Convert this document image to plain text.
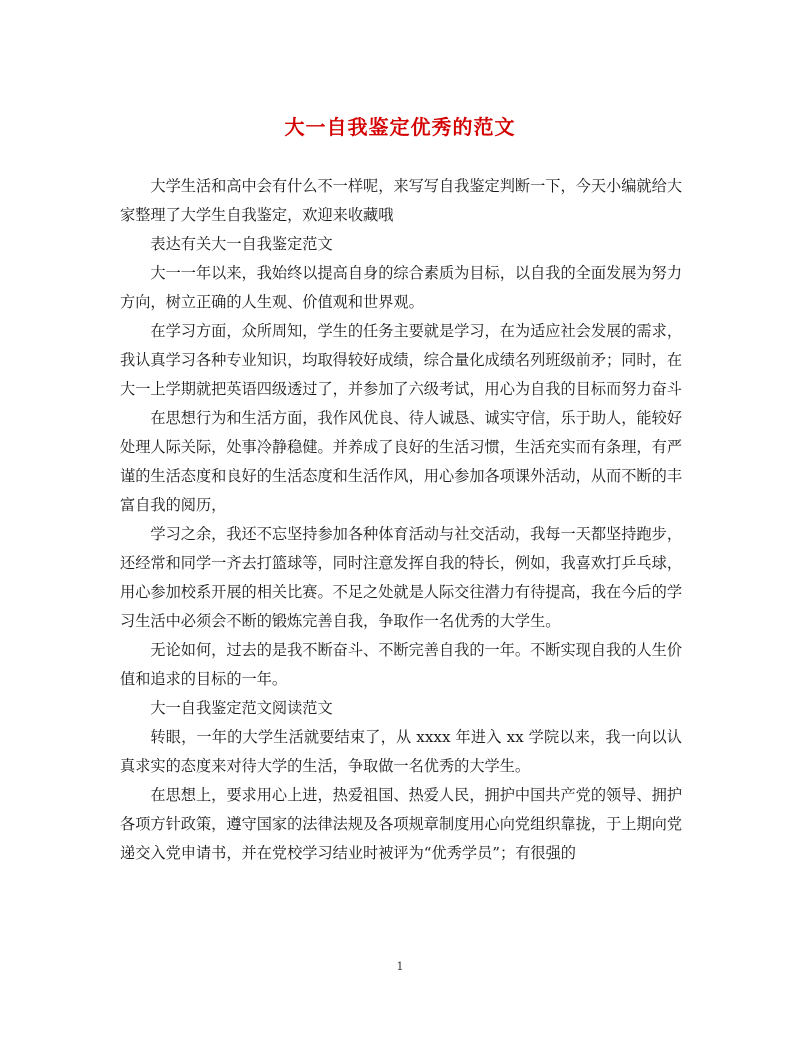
大一自我鉴定优秀的范文

大学生活和高中会有什么不一样呢，来写写自我鉴定判断一下，今天小编就给大家整理了大学生自我鉴定，欢迎来收藏哦

表达有关大一自我鉴定范文

大一一年以来，我始终以提高自身的综合素质为目标，以自我的全面发展为努力方向，树立正确的人生观、价值观和世界观。

在学习方面，众所周知，学生的任务主要就是学习，在为适应社会发展的需求，我认真学习各种专业知识，均取得较好成绩，综合量化成绩名列班级前矛；同时，在大一上学期就把英语四级透过了，并参加了六级考试，用心为自我的目标而努力奋斗

在思想行为和生活方面，我作风优良、待人诚恳、诚实守信，乐于助人，能较好处理人际关际，处事冷静稳健。并养成了良好的生活习惯，生活充实而有条理，有严谨的生活态度和良好的生活态度和生活作风，用心参加各项课外活动，从而不断的丰富自我的阅历，

学习之余，我还不忘坚持参加各种体育活动与社交活动，我每一天都坚持跑步，还经常和同学一齐去打篮球等，同时注意发挥自我的特长，例如，我喜欢打乒乓球，用心参加校系开展的相关比赛。不足之处就是人际交往潜力有待提高，我在今后的学习生活中必须会不断的锻炼完善自我，争取作一名优秀的大学生。

无论如何，过去的是我不断奋斗、不断完善自我的一年。不断实现自我的人生价值和追求的目标的一年。

大一自我鉴定范文阅读范文

转眼，一年的大学生活就要结束了，从 xxxx 年进入 xx 学院以来，我一向以认真求实的态度来对待大学的生活，争取做一名优秀的大学生。

在思想上，要求用心上进，热爱祖国、热爱人民，拥护中国共产党的领导、拥护各项方针政策，遵守国家的法律法规及各项规章制度用心向党组织靠拢，于上期向党递交入党申请书，并在党校学习结业时被评为“优秀学员”；有很强的

1
